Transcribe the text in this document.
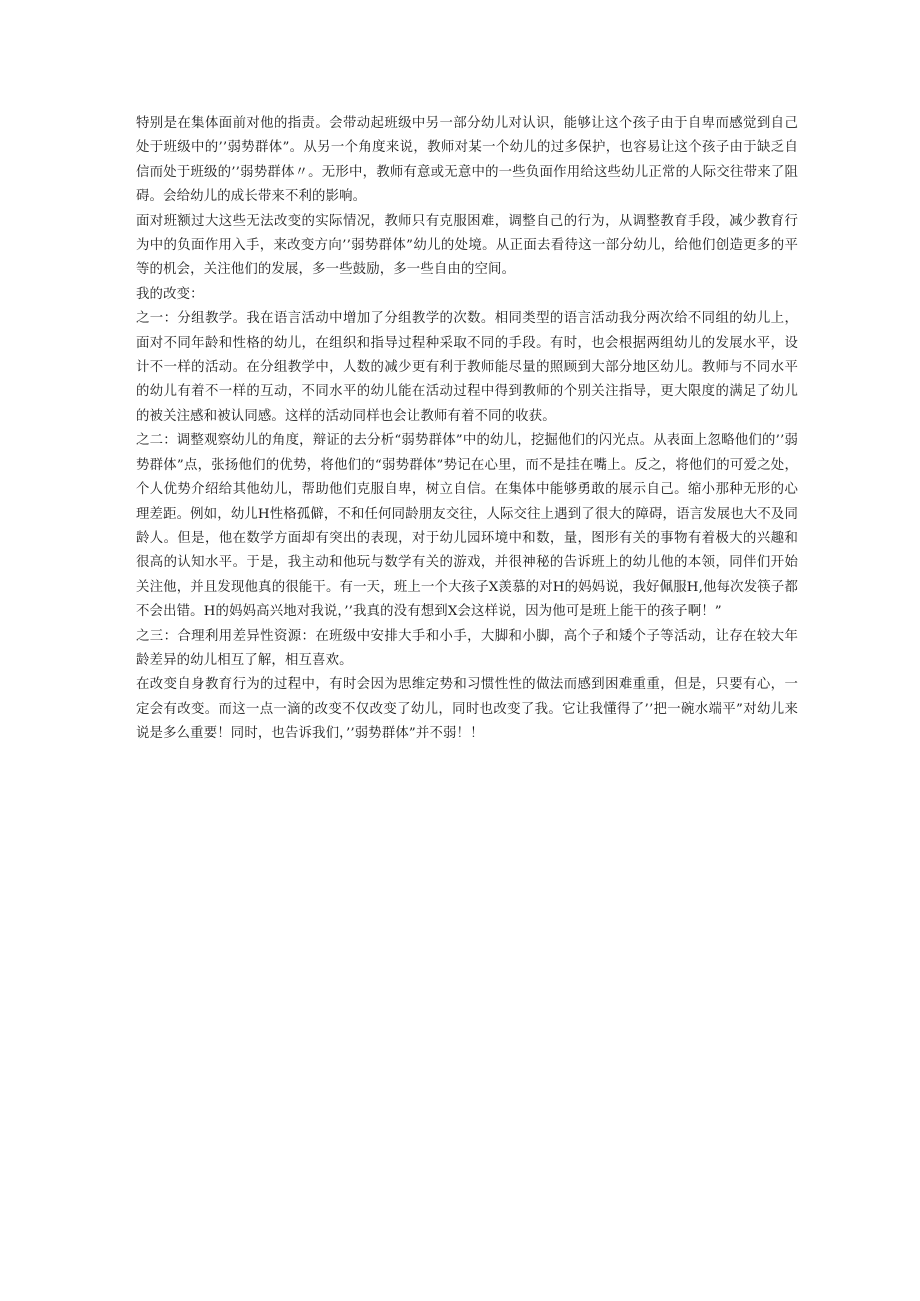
特别是在集体面前对他的指责。会带动起班级中另一部分幼儿对认识，能够让这个孩子由于自卑而感觉到自己处于班级中的’’弱势群体”。从另一个角度来说，教师对某一个幼儿的过多保护，也容易让这个孩子由于缺乏自信而处于班级的’’弱势群体〃。无形中，教师有意或无意中的一些负面作用给这些幼儿正常的人际交往带来了阻碍。会给幼儿的成长带来不利的影响。

面对班额过大这些无法改变的实际情况，教师只有克服困难，调整自己的行为，从调整教育手段，减少教育行为中的负面作用入手，来改变方向’’弱势群体”幼儿的处境。从正面去看待这一部分幼儿，给他们创造更多的平等的机会，关注他们的发展，多一些鼓励，多一些自由的空间。

我的改变：

之一：分组教学。我在语言活动中增加了分组教学的次数。相同类型的语言活动我分两次给不同组的幼儿上，面对不同年龄和性格的幼儿，在组织和指导过程种采取不同的手段。有时，也会根据两组幼儿的发展水平，设计不一样的活动。在分组教学中，人数的减少更有利于教师能尽量的照顾到大部分地区幼儿。教师与不同水平的幼儿有着不一样的互动，不同水平的幼儿能在活动过程中得到教师的个别关注指导，更大限度的满足了幼儿的被关注感和被认同感。这样的活动同样也会让教师有着不同的收获。

之二：调整观察幼儿的角度，辩证的去分析“弱势群体”中的幼儿，挖掘他们的闪光点。从表面上忽略他们的’’弱势群体”点，张扬他们的优势，将他们的“弱势群体”势记在心里，而不是挂在嘴上。反之，将他们的可爱之处，个人优势介绍给其他幼儿，帮助他们克服自卑，树立自信。在集体中能够勇敢的展示自己。缩小那种无形的心理差距。例如，幼儿H性格孤僻，不和任何同龄朋友交往，人际交往上遇到了很大的障碍，语言发展也大不及同龄人。但是，他在数学方面却有突出的表现，对于幼儿园环境中和数，量，图形有关的事物有着极大的兴趣和很高的认知水平。于是，我主动和他玩与数学有关的游戏，并很神秘的告诉班上的幼儿他的本领，同伴们开始关注他，并且发现他真的很能干。有一天，班上一个大孩子X羡慕的对H的妈妈说，我好佩服H,他每次发筷子都不会出错。H的妈妈高兴地对我说，’’我真的没有想到X会这样说，因为他可是班上能干的孩子啊！”

之三：合理利用差异性资源：在班级中安排大手和小手，大脚和小脚，高个子和矮个子等活动，让存在较大年龄差异的幼儿相互了解，相互喜欢。

在改变自身教育行为的过程中，有时会因为思维定势和习惯性性的做法而感到困难重重，但是，只要有心，一定会有改变。而这一点一滴的改变不仅改变了幼儿，同时也改变了我。它让我懂得了’’把一碗水端平”对幼儿来说是多么重要！同时，也告诉我们，’’弱势群体”并不弱！！
